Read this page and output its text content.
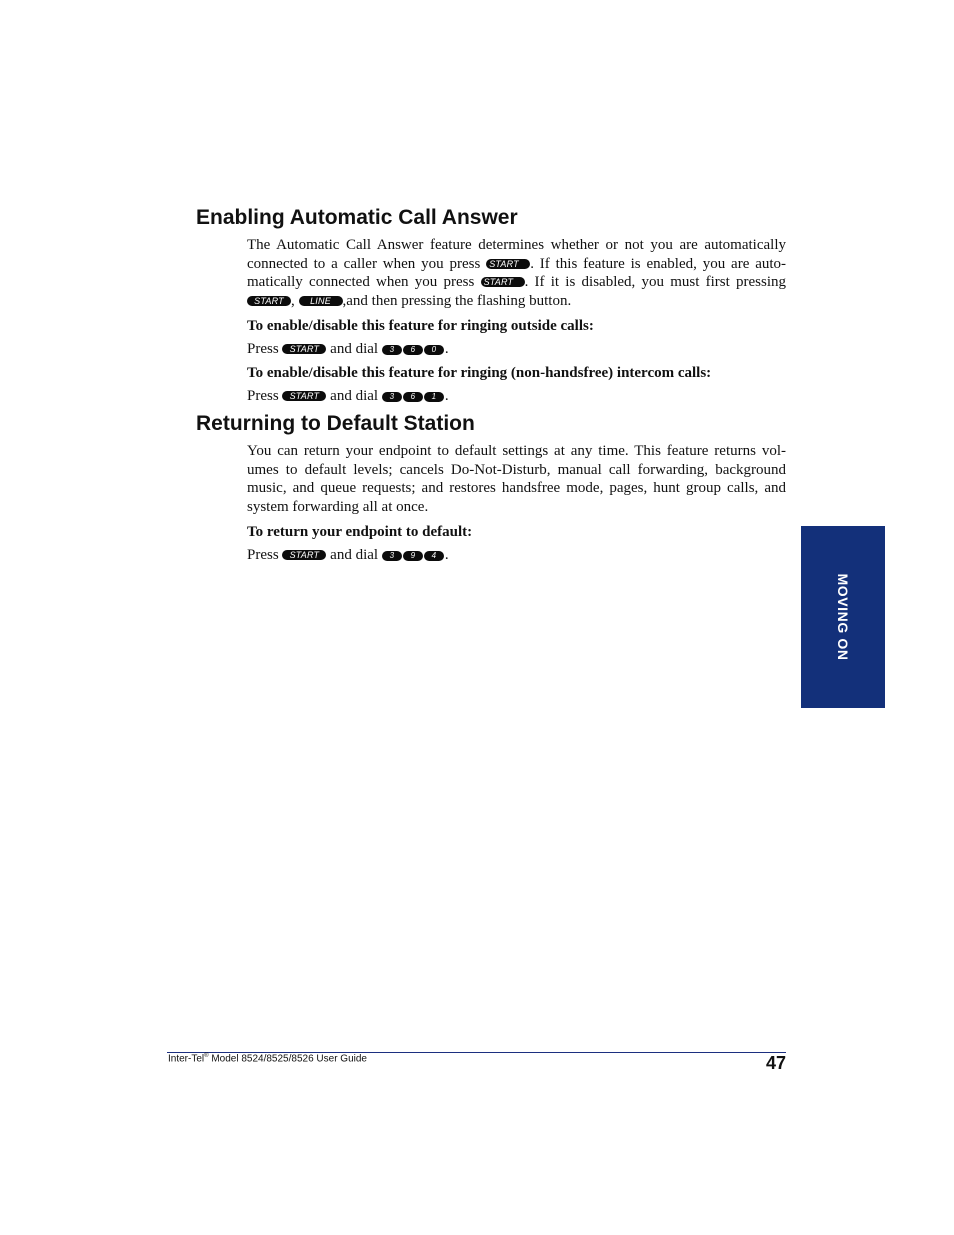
Enabling Automatic Call Answer
The Automatic Call Answer feature determines whether or not you are automatically
connected to a caller when you press START . If this feature is enabled, you are auto-
matically connected when you press START . If it is disabled, you must first pressing
START , LINE ,and then pressing the flashing button.
To enable/disable this feature for ringing outside calls:
Press START and dial 3 6 0 .
To enable/disable this feature for ringing (non-handsfree) intercom calls:
Press START and dial 3 6 1 .
Returning to Default Station
You can return your endpoint to default settings at any time. This feature returns vol-
umes to default levels; cancels Do-Not-Disturb, manual call forwarding, background
music, and queue requests; and restores handsfree mode, pages, hunt group calls, and
system forwarding all at once.
To return your endpoint to default:
Press START and dial 3 9 4 .
MOVING ON
Inter-Tel® Model 8524/8525/8526 User Guide	47
